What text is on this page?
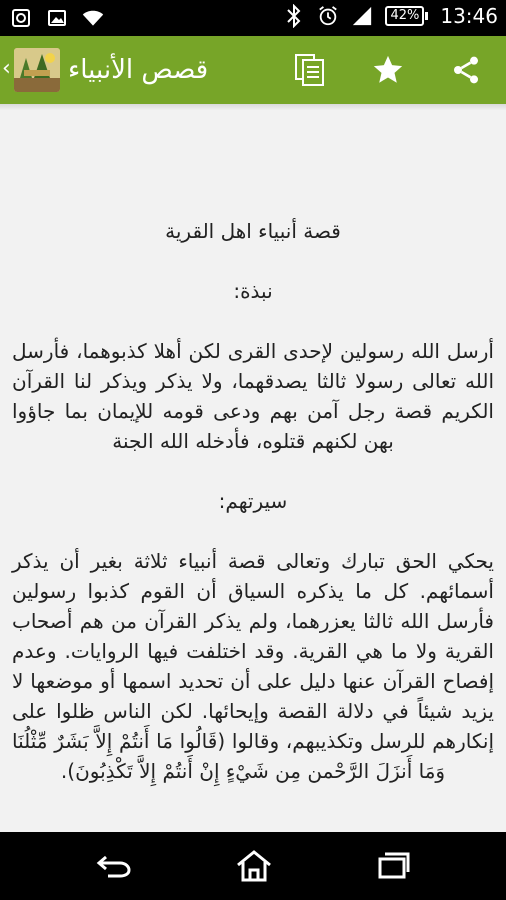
42% 13:46
‹ قصص الأنبياء

قصة أنبياء اهل القرية

نبذة:

أرسل الله رسولين لإحدى القرى لكن أهلا كذبوهما، فأرسل الله تعالى رسولا ثالثا يصدقهما، ولا يذكر ويذكر لنا القرآن الكريم قصة رجل آمن بهم ودعى قومه للإيمان بما جاؤوا بهن لكنهم قتلوه، فأدخله الله الجنة

سيرتهم:

يحكي الحق تبارك وتعالى قصة أنبياء ثلاثة بغير أن يذكر أسمائهم. كل ما يذكره السياق أن القوم كذبوا رسولين فأرسل الله ثالثا يعزرهما، ولم يذكر القرآن من هم أصحاب القرية ولا ما هي القرية. وقد اختلفت فيها الروايات. وعدم إفصاح القرآن عنها دليل على أن تحديد اسمها أو موضعها لا يزيد شيئاً في دلالة القصة وإيحائها. لكن الناس ظلوا على إنكارهم للرسل وتكذيبهم، وقالوا (قَالُوا مَا أَنتُمْ إِلاَّ بَشَرٌ مِّثْلُنَا وَمَا أَنزَلَ الرَّحْمن مِن شَيْءٍ إِنْ أَنتُمْ إِلاَّ تَكْذِبُونَ).
